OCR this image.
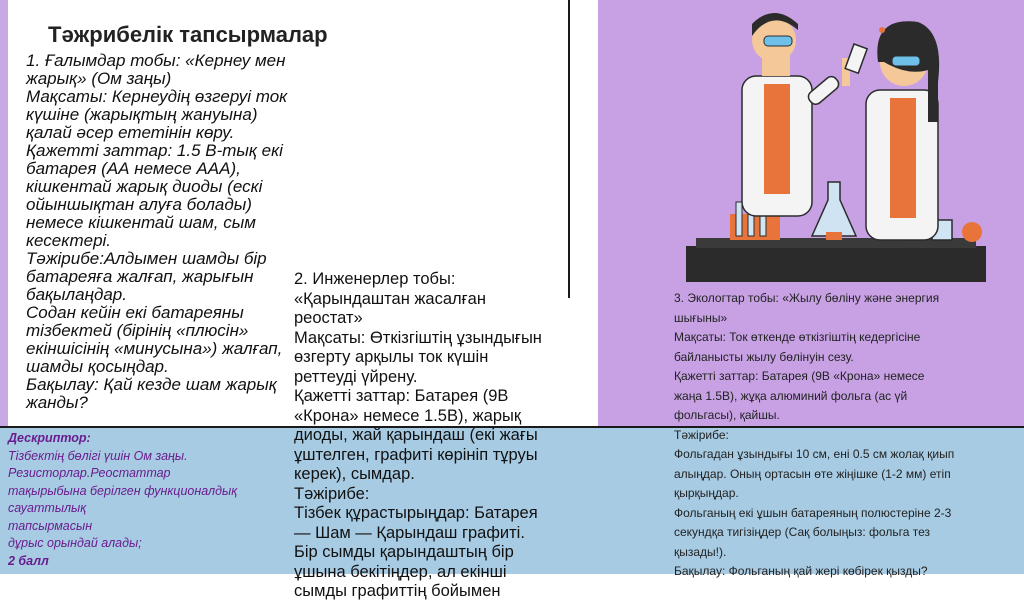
Тәжрибелік тапсырмалар
1. Ғалымдар тобы: «Кернеу мен
жарық» (Ом заңы)
Мақсаты: Кернеудің өзгеруі ток
күшіне (жарықтың жануына)
қалай әсер ететінін көру.
Қажетті заттар: 1.5 В-тық екі
батарея (АА немесе ААА),
кішкентай жарық диоды (ескі
ойыншықтан алуға болады)
немесе кішкентай шам, сым
кесектері.
Тәжірибе:Алдымен шамды бір
батареяға жалғап, жарығын
бақылаңдар.
Содан кейін екі батареяны
тізбектей (бірінің «плюсін»
екіншісінің «минусына») жалғап,
шамды қосыңдар.
Бақылау: Қай кезде шам жарық
жанды?
2. Инженерлер тобы:
«Қарындаштан жасалған
реостат»
Мақсаты: Өткізгіштің ұзындығын
өзгерту арқылы ток күшін
реттеуді үйрену.
Қажетті заттар: Батарея (9В
«Крона» немесе 1.5В), жарық
диоды, жай қарындаш (екі жағы
ұштелген, графиті көрініп тұруы
керек), сымдар.
Тәжірибе:
Тізбек құрастырыңдар: Батарея
— Шам — Қарындаш графиті.
Бір сымды қарындаштың бір
ұшына бекітіңдер, ал екінші
сымды графиттің бойымен
3. Экологтар тобы: «Жылу бөліну және энергия
шығыны»
Мақсаты: Ток өткенде өткізгіштің кедергісіне
байланысты жылу бөлінуін сезу.
Қажетті заттар: Батарея (9В «Крона» немесе
жаңа 1.5В), жұқа алюминий фольга (ас үй
фольгасы), қайшы.
Тәжірибе:
Фольгадан ұзындығы 10 см, ені 0.5 см жолақ қиып
алыңдар. Оның ортасын өте жіңішке (1-2 мм) етіп
қырқыңдар.
Фольганың екі ұшын батареяның полюстеріне 2-3
секундқа тигізіңдер (Сақ болыңыз: фольга тез
қызады!).
Бақылау: Фольганың қай жері көбірек қызды?
Дескриптор:
Тізбектің бөлігі үшін Ом заңы.
Резисторлар.Реостаттар
тақырыбына берілген функционалдық
сауаттылық
тапсырмасын
дұрыс орындай алады;
2 балл
